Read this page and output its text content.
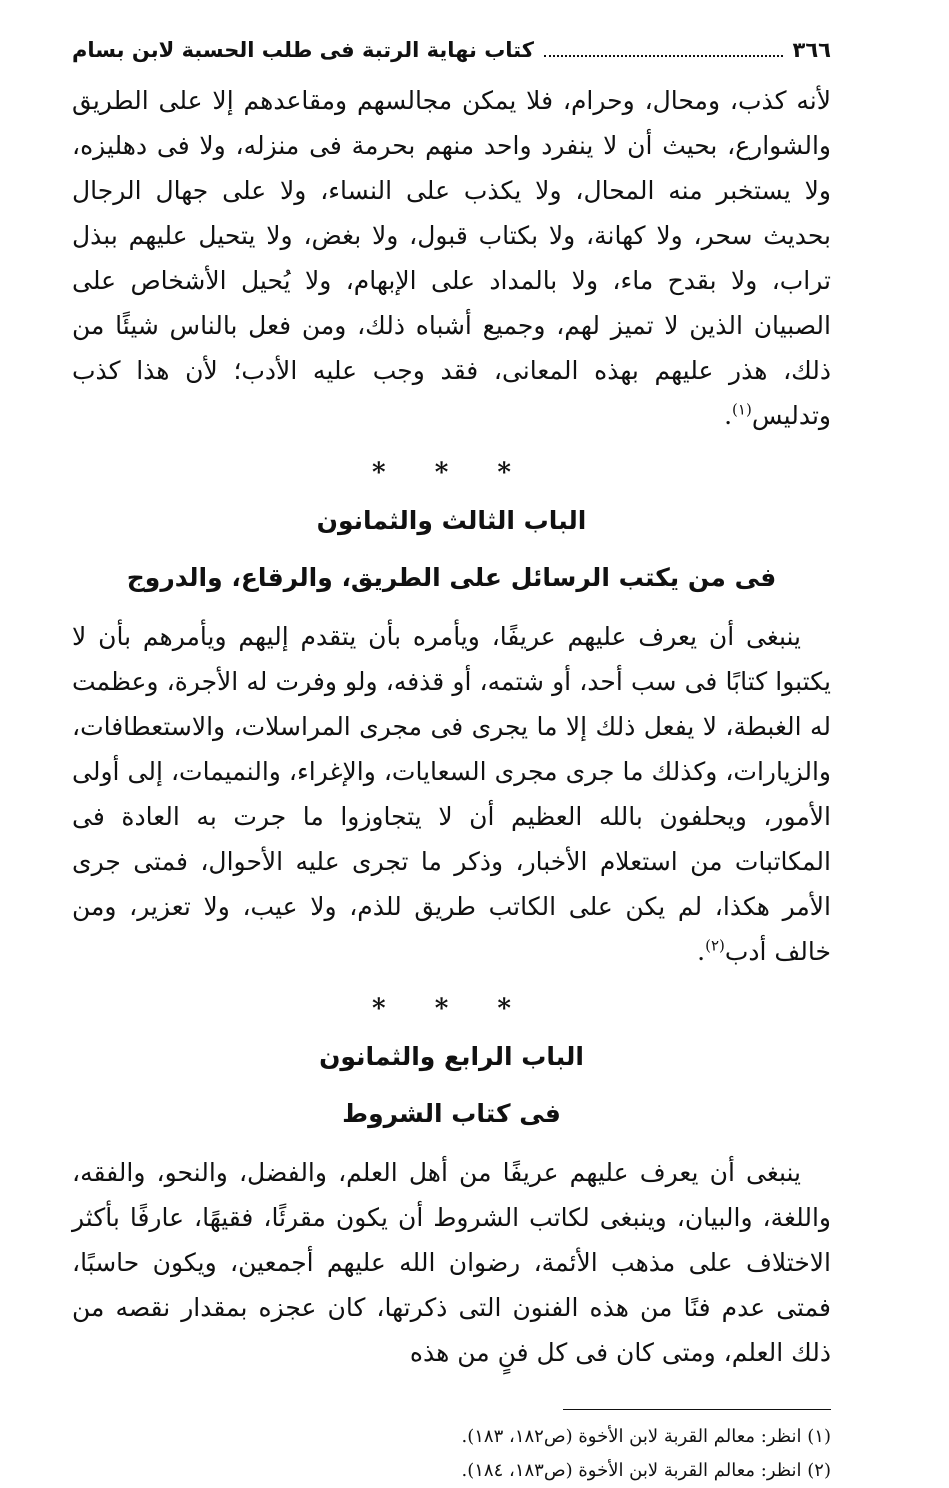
٣٦٦
كتاب نهاية الرتبة فى طلب الحسبة لابن بسام

لأنه كذب، ومحال، وحرام، فلا يمكن مجالسهم ومقاعدهم إلا على الطريق والشوارع، بحيث أن لا ينفرد واحد منهم بحرمة فى منزله، ولا فى دهليزه، ولا يستخبر منه المحال، ولا يكذب على النساء، ولا على جهال الرجال بحديث سحر، ولا كهانة، ولا بكتاب قبول، ولا بغض، ولا يتحيل عليهم ببذل تراب، ولا بقدح ماء، ولا بالمداد على الإبهام، ولا يُحيل الأشخاص على الصبيان الذين لا تميز لهم، وجميع أشباه ذلك، ومن فعل بالناس شيئًا من ذلك، هذر عليهم بهذه المعانى، فقد وجب عليه الأدب؛ لأن هذا كذب وتدليس$^{(١)}$.

* * *
الباب الثالث والثمانون
فى من يكتب الرسائل على الطريق، والرقاع، والدروج

ينبغى أن يعرف عليهم عريفًا، ويأمره بأن يتقدم إليهم ويأمرهم بأن لا يكتبوا كتابًا فى سب أحد، أو شتمه، أو قذفه، ولو وفرت له الأجرة، وعظمت له الغبطة، لا يفعل ذلك إلا ما يجرى فى مجرى المراسلات، والاستعطافات، والزيارات، وكذلك ما جرى مجرى السعايات، والإغراء، والنميمات، إلى أولى الأمور، ويحلفون بالله العظيم أن لا يتجاوزوا ما جرت به العادة فى المكاتبات من استعلام الأخبار، وذكر ما تجرى عليه الأحوال، فمتى جرى الأمر هكذا، لم يكن على الكاتب طريق للذم، ولا عيب، ولا تعزير، ومن خالف أدب$^{(٢)}$.

* * *
الباب الرابع والثمانون
فى كتاب الشروط

ينبغى أن يعرف عليهم عريفًا من أهل العلم، والفضل، والنحو، والفقه، واللغة، والبيان، وينبغى لكاتب الشروط أن يكون مقرئًا، فقيهًا، عارفًا بأكثر الاختلاف على مذهب الأئمة، رضوان الله عليهم أجمعين، ويكون حاسبًا، فمتى عدم فنًا من هذه الفنون التى ذكرتها، كان عجزه بمقدار نقصه من ذلك العلم، ومتى كان فى كل فنٍ من هذه

(١) انظر: معالم القربة لابن الأخوة (ص١٨٢، ١٨٣).

(٢) انظر: معالم القربة لابن الأخوة (ص١٨٣، ١٨٤).
